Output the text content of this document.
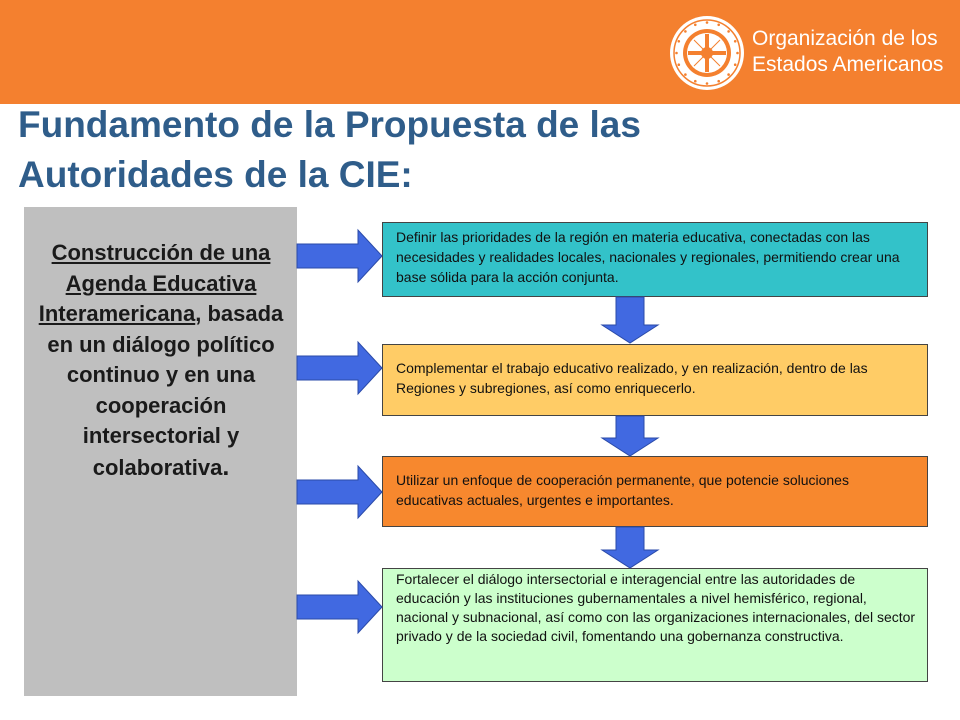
Organización de los
Estados Americanos
Fundamento de la Propuesta de las
Autoridades de la CIE:
Construcción de una Agenda Educativa Interamericana, basada en un diálogo político continuo y en una cooperación intersectorial y colaborativa.
Definir las prioridades de la región en materia educativa, conectadas con las necesidades y realidades locales, nacionales y regionales, permitiendo crear una base sólida para la acción conjunta.
Complementar el trabajo educativo realizado, y en realización, dentro de las Regiones y subregiones, así como enriquecerlo.
Utilizar un enfoque de cooperación permanente, que potencie soluciones educativas actuales, urgentes e importantes.
Fortalecer el diálogo intersectorial e interagencial entre las autoridades de educación y las instituciones gubernamentales a nivel hemisférico, regional, nacional y subnacional, así como con las organizaciones internacionales, del sector privado y de la sociedad civil, fomentando una gobernanza constructiva.
